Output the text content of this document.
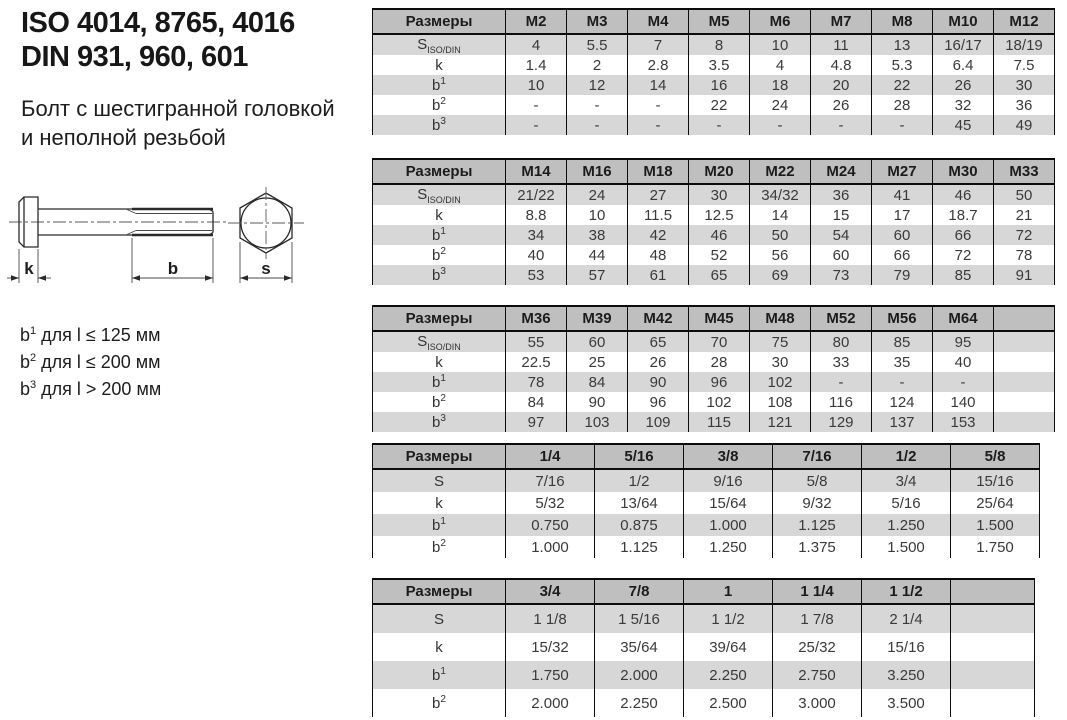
ISO 4014, 8765, 4016
DIN 931, 960, 601
Болт с шестигранной головкой
и неполной резьбой
k	b	s
$b^1$ для l ≤ 125 мм
$b^2$ для l ≤ 200 мм
$b^3$ для l > 200 мм
Размеры	M2	M3	M4	M5	M6	M7	M8	M10	M12
$S_{ISO/DIN}$	4	5.5	7	8	10	11	13	16/17	18/19
k	1.4	2	2.8	3.5	4	4.8	5.3	6.4	7.5
$b^1$	10	12	14	16	18	20	22	26	30
$b^2$	-	-	-	22	24	26	28	32	36
$b^3$	-	-	-	-	-	-	-	45	49
Размеры	M14	M16	M18	M20	M22	M24	M27	M30	M33
$S_{ISO/DIN}$	21/22	24	27	30	34/32	36	41	46	50
k	8.8	10	11.5	12.5	14	15	17	18.7	21
$b^1$	34	38	42	46	50	54	60	66	72
$b^2$	40	44	48	52	56	60	66	72	78
$b^3$	53	57	61	65	69	73	79	85	91
Размеры	M36	M39	M42	M45	M48	M52	M56	M64	
$S_{ISO/DIN}$	55	60	65	70	75	80	85	95	
k	22.5	25	26	28	30	33	35	40	
$b^1$	78	84	90	96	102	-	-	-	
$b^2$	84	90	96	102	108	116	124	140	
$b^3$	97	103	109	115	121	129	137	153	
Размеры	1/4	5/16	3/8	7/16	1/2	5/8
S	7/16	1/2	9/16	5/8	3/4	15/16
k	5/32	13/64	15/64	9/32	5/16	25/64
$b^1$	0.750	0.875	1.000	1.125	1.250	1.500
$b^2$	1.000	1.125	1.250	1.375	1.500	1.750
Размеры	3/4	7/8	1	1 1/4	1 1/2	
S	1 1/8	1 5/16	1 1/2	1 7/8	2 1/4	
k	15/32	35/64	39/64	25/32	15/16	
$b^1$	1.750	2.000	2.250	2.750	3.250	
$b^2$	2.000	2.250	2.500	3.000	3.500	
